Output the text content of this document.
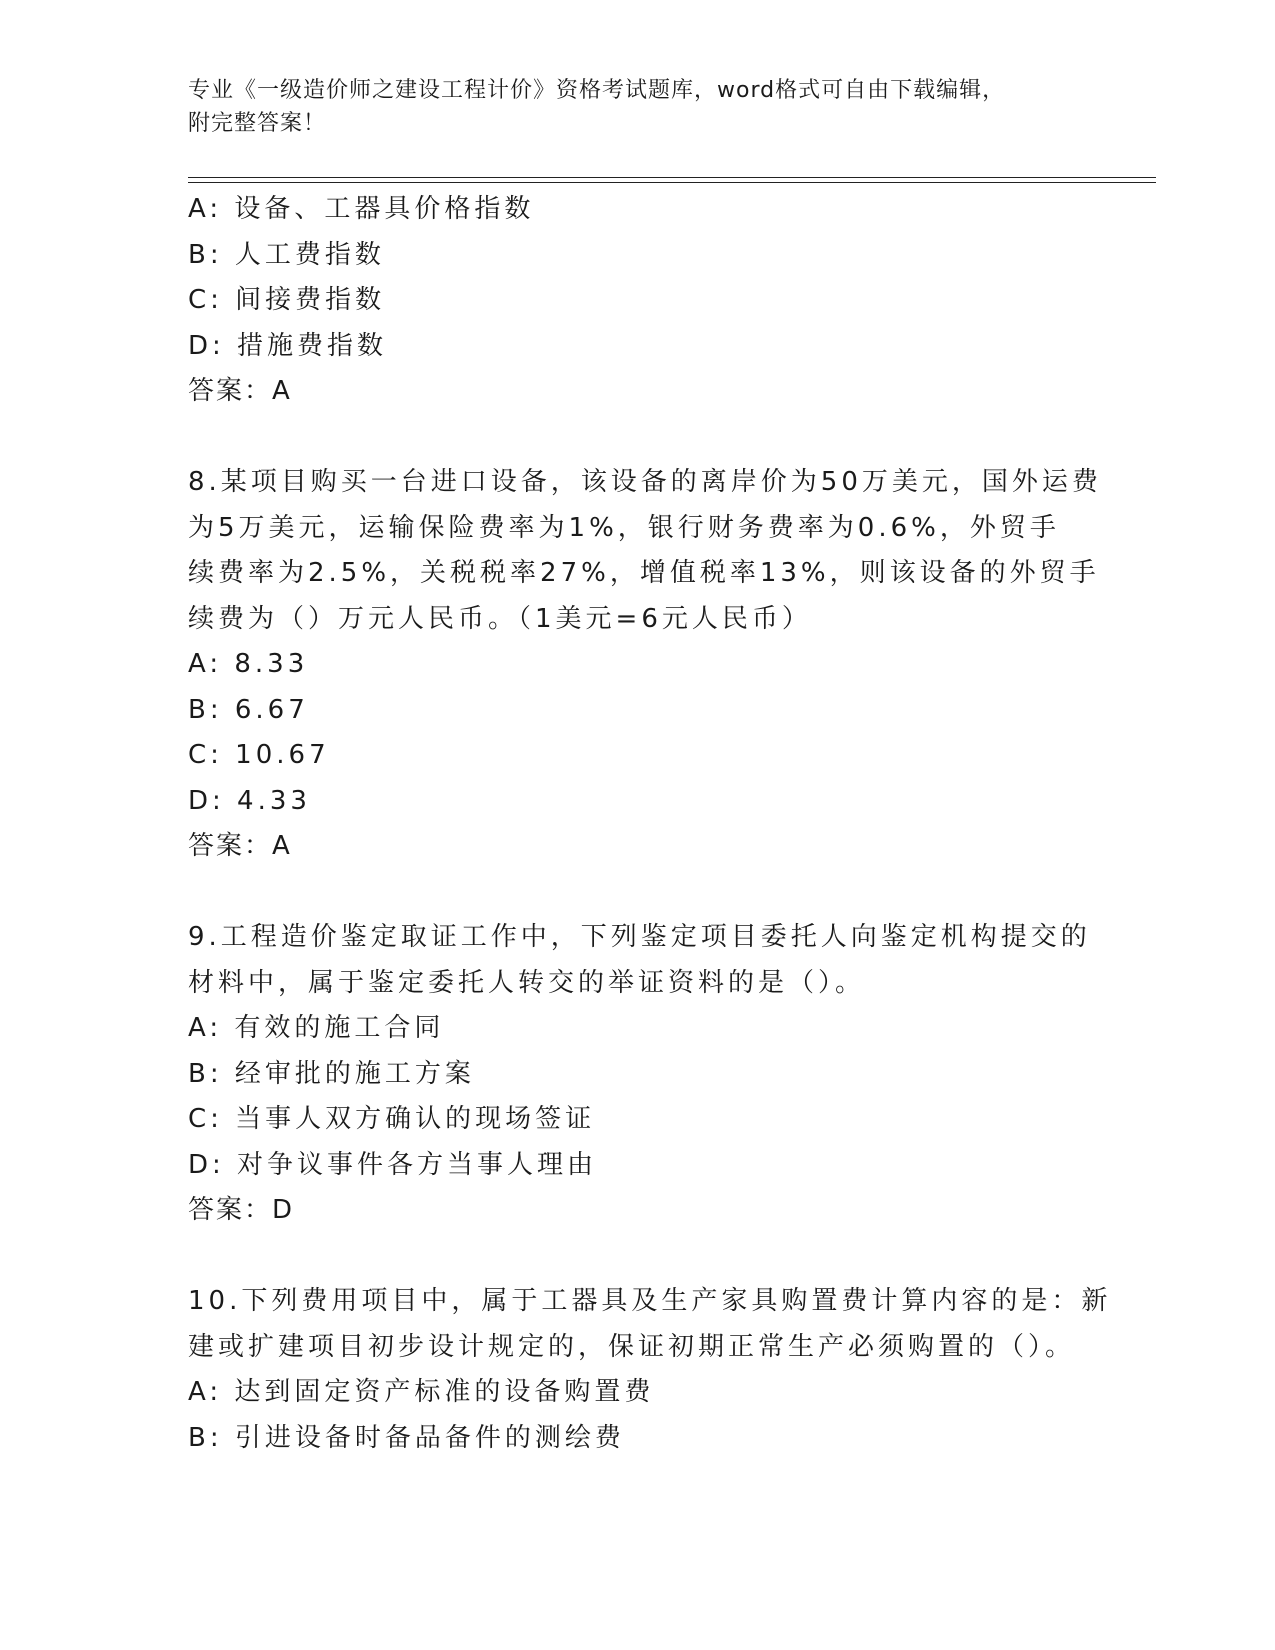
专业《一级造价师之建设工程计价》资格考试题库，word格式可自由下载编辑，
附完整答案！
A: 设备、工器具价格指数
B: 人工费指数
C: 间接费指数
D: 措施费指数
答案：A
8.某项目购买一台进口设备，该设备的离岸价为50万美元，国外运费
为5万美元，运输保险费率为1%，银行财务费率为0.6%，外贸手
续费率为2.5%，关税税率27%，增值税率13%，则该设备的外贸手
续费为（）万元人民币。（1美元=6元人民币）
A: 8.33
B: 6.67
C: 10.67
D: 4.33
答案：A
9.工程造价鉴定取证工作中，下列鉴定项目委托人向鉴定机构提交的
材料中，属于鉴定委托人转交的举证资料的是（）。
A: 有效的施工合同
B: 经审批的施工方案
C: 当事人双方确认的现场签证
D: 对争议事件各方当事人理由
答案：D
10.下列费用项目中，属于工器具及生产家具购置费计算内容的是：新
建或扩建项目初步设计规定的，保证初期正常生产必须购置的（）。
A: 达到固定资产标准的设备购置费
B: 引进设备时备品备件的测绘费
